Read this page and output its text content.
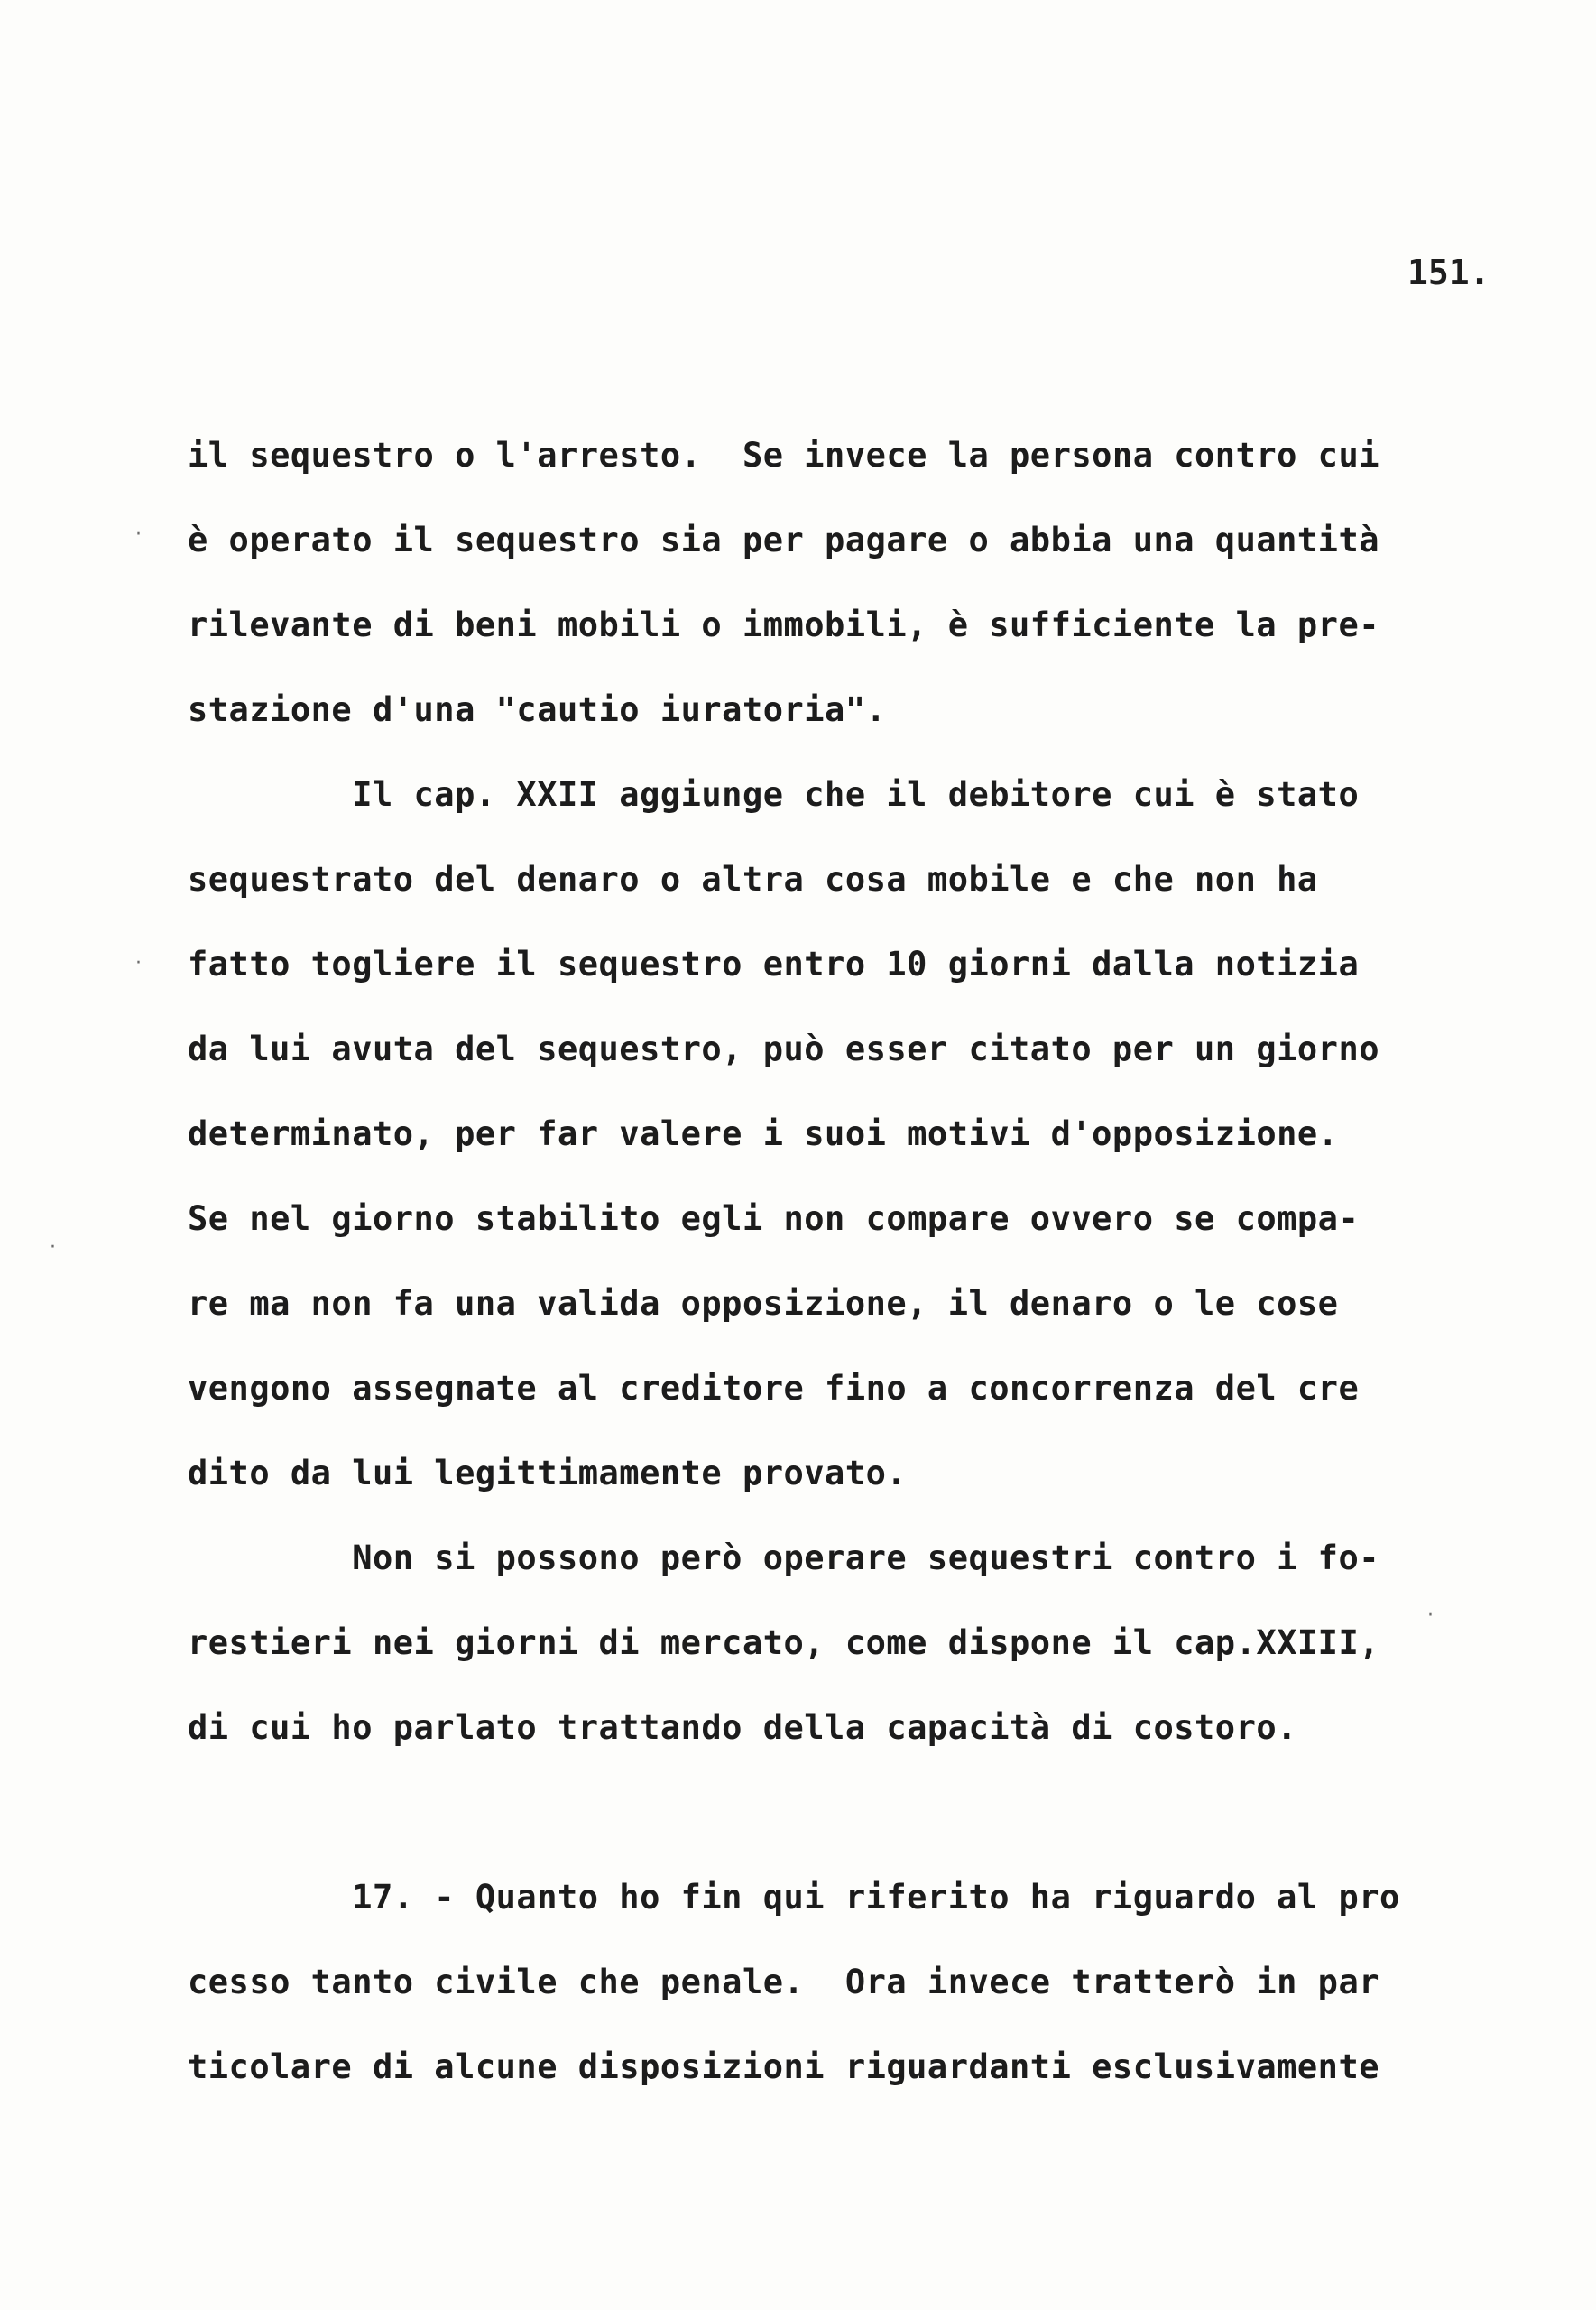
151.
il sequestro o l'arresto.  Se invece la persona contro cui
è operato il sequestro sia per pagare o abbia una quantità
rilevante di beni mobili o immobili, è sufficiente la pre-
stazione d'una "cautio iuratoria".
Il cap. XXII aggiunge che il debitore cui è stato
sequestrato del denaro o altra cosa mobile e che non ha
fatto togliere il sequestro entro 10 giorni dalla notizia
da lui avuta del sequestro, può esser citato per un giorno
determinato, per far valere i suoi motivi d'opposizione.
Se nel giorno stabilito egli non compare ovvero se compa-
re ma non fa una valida opposizione, il denaro o le cose
vengono assegnate al creditore fino a concorrenza del cre
dito da lui legittimamente provato.
Non si possono però operare sequestri contro i fo-
restieri nei giorni di mercato, come dispone il cap.XXIII,
di cui ho parlato trattando della capacità di costoro.
17. - Quanto ho fin qui riferito ha riguardo al pro
cesso tanto civile che penale.  Ora invece tratterò in par
ticolare di alcune disposizioni riguardanti esclusivamente
·
·
·
·
